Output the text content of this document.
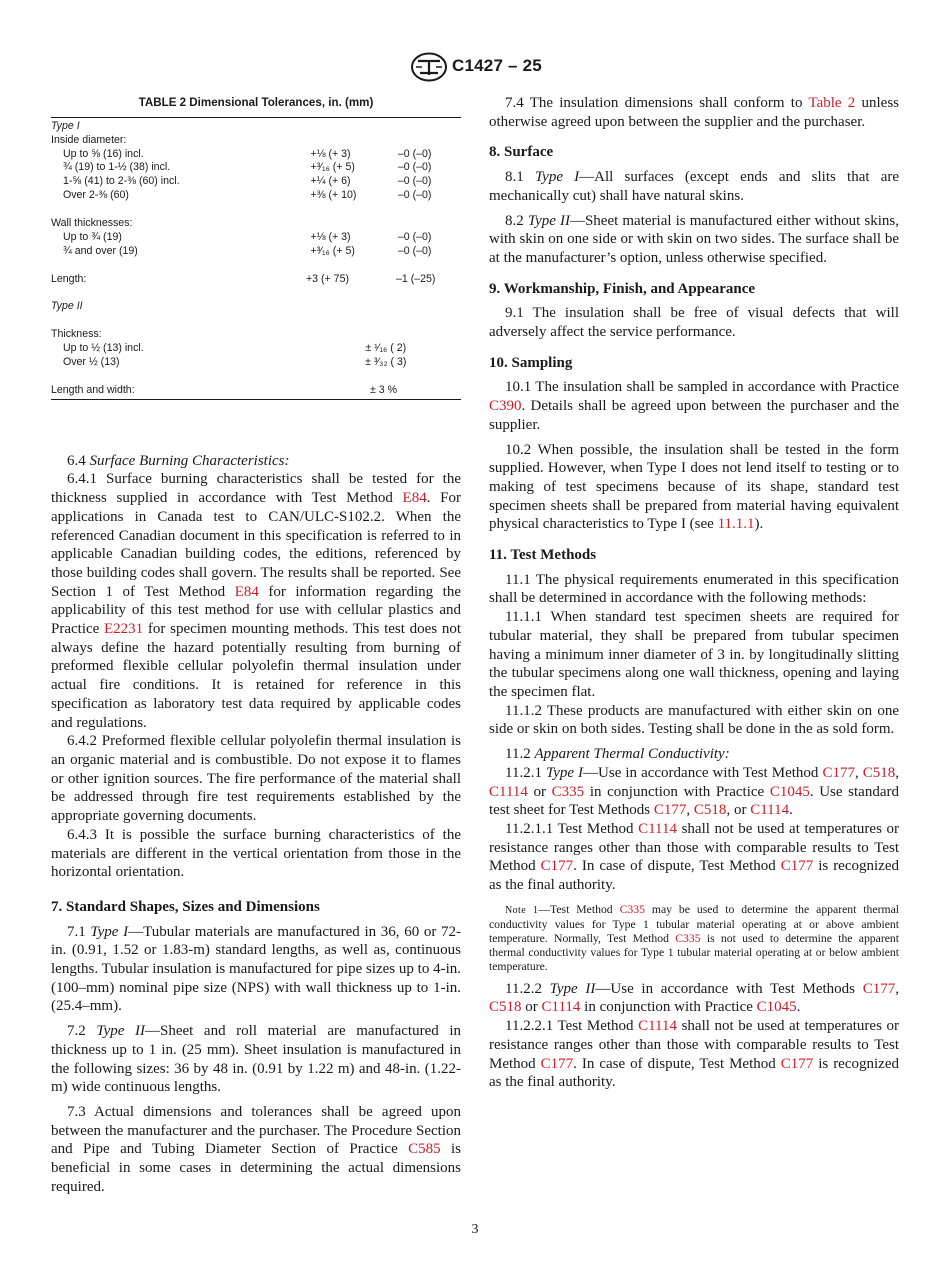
C1427 – 25
TABLE 2 Dimensional Tolerances, in. (mm)
Type I
Inside diameter:
Up to ⅝ (16) incl.	+⅛ (+ 3)	–0 (–0)
¾ (19) to 1-½ (38) incl.	+³⁄₁₆ (+ 5)	–0 (–0)
1-⅝ (41) to 2-⅜ (60) incl.	+¼ (+ 6)	–0 (–0)
Over 2-⅜ (60)	+⅜ (+ 10)	–0 (–0)
Wall thicknesses:
Up to ¾ (19)	+⅛ (+ 3)	–0 (–0)
¾ and over (19)	+³⁄₁₆ (+ 5)	–0 (–0)
Length:	+3 (+ 75)	–1 (–25)
Type II
Thickness:
Up to ½ (13) incl.	± ¹⁄₁₆ ( 2)
Over ½ (13)	± ³⁄₃₂ ( 3)
Length and width:	± 3 %

6.4 Surface Burning Characteristics:

6.4.1 Surface burning characteristics shall be tested for the thickness supplied in accordance with Test Method E84. For applications in Canada test to CAN/ULC-S102.2. When the referenced Canadian document in this specification is referred to in applicable Canadian building codes, the editions, referenced by those building codes shall govern. The results shall be reported. See Section 1 of Test Method E84 for information regarding the applicability of this test method for use with cellular plastics and Practice E2231 for specimen mounting methods. This test does not always define the hazard potentially resulting from burning of preformed flexible cellular polyolefin thermal insulation under actual fire conditions. It is retained for reference in this specification as laboratory test data required by applicable codes and regulations.

6.4.2 Preformed flexible cellular polyolefin thermal insulation is an organic material and is combustible. Do not expose it to flames or other ignition sources. The fire performance of the material shall be addressed through fire test requirements established by the appropriate governing documents.

6.4.3 It is possible the surface burning characteristics of the materials are different in the vertical orientation from those in the horizontal orientation.

7. Standard Shapes, Sizes and Dimensions

7.1 Type I—Tubular materials are manufactured in 36, 60 or 72-in. (0.91, 1.52 or 1.83-m) standard lengths, as well as, continuous lengths. Tubular insulation is manufactured for pipe sizes up to 4-in. (100–mm) nominal pipe size (NPS) with wall thickness up to 1-in. (25.4–mm).

7.2 Type II—Sheet and roll material are manufactured in thickness up to 1 in. (25 mm). Sheet insulation is manufactured in the following sizes: 36 by 48 in. (0.91 by 1.22 m) and 48-in. (1.22-m) wide continuous lengths.

7.3 Actual dimensions and tolerances shall be agreed upon between the manufacturer and the purchaser. The Procedure Section and Pipe and Tubing Diameter Section of Practice C585 is beneficial in some cases in determining the actual dimensions required.

7.4 The insulation dimensions shall conform to Table 2 unless otherwise agreed upon between the supplier and the purchaser.

8. Surface

8.1 Type I—All surfaces (except ends and slits that are mechanically cut) shall have natural skins.

8.2 Type II—Sheet material is manufactured either without skins, with skin on one side or with skin on two sides. The surface shall be at the manufacturer’s option, unless otherwise specified.

9. Workmanship, Finish, and Appearance

9.1 The insulation shall be free of visual defects that will adversely affect the service performance.

10. Sampling

10.1 The insulation shall be sampled in accordance with Practice C390. Details shall be agreed upon between the purchaser and the supplier.

10.2 When possible, the insulation shall be tested in the form supplied. However, when Type I does not lend itself to testing or to making of test specimens because of its shape, standard test specimen sheets shall be prepared from material having equivalent physical characteristics to Type I (see 11.1.1).

11. Test Methods

11.1 The physical requirements enumerated in this specification shall be determined in accordance with the following methods:

11.1.1 When standard test specimen sheets are required for tubular material, they shall be prepared from tubular specimen having a minimum inner diameter of 3 in. by longitudinally slitting the tubular specimens along one wall thickness, opening and laying the specimen flat.

11.1.2 These products are manufactured with either skin on one side or skin on both sides. Testing shall be done in the as sold form.

11.2 Apparent Thermal Conductivity:

11.2.1 Type I—Use in accordance with Test Method C177, C518, C1114 or C335 in conjunction with Practice C1045. Use standard test sheet for Test Methods C177, C518, or C1114.

11.2.1.1 Test Method C1114 shall not be used at temperatures or resistance ranges other than those with comparable results to Test Method C177. In case of dispute, Test Method C177 is recognized as the final authority.

Note 1—Test Method C335 may be used to determine the apparent thermal conductivity values for Type 1 tubular material operating at or above ambient temperature. Normally, Test Method C335 is not used to determine the apparent thermal conductivity values for Type 1 tubular material operating at or below ambient temperature.

11.2.2 Type II—Use in accordance with Test Methods C177, C518 or C1114 in conjunction with Practice C1045.

11.2.2.1 Test Method C1114 shall not be used at temperatures or resistance ranges other than those with comparable results to Test Method C177. In case of dispute, Test Method C177 is recognized as the final authority.

3
